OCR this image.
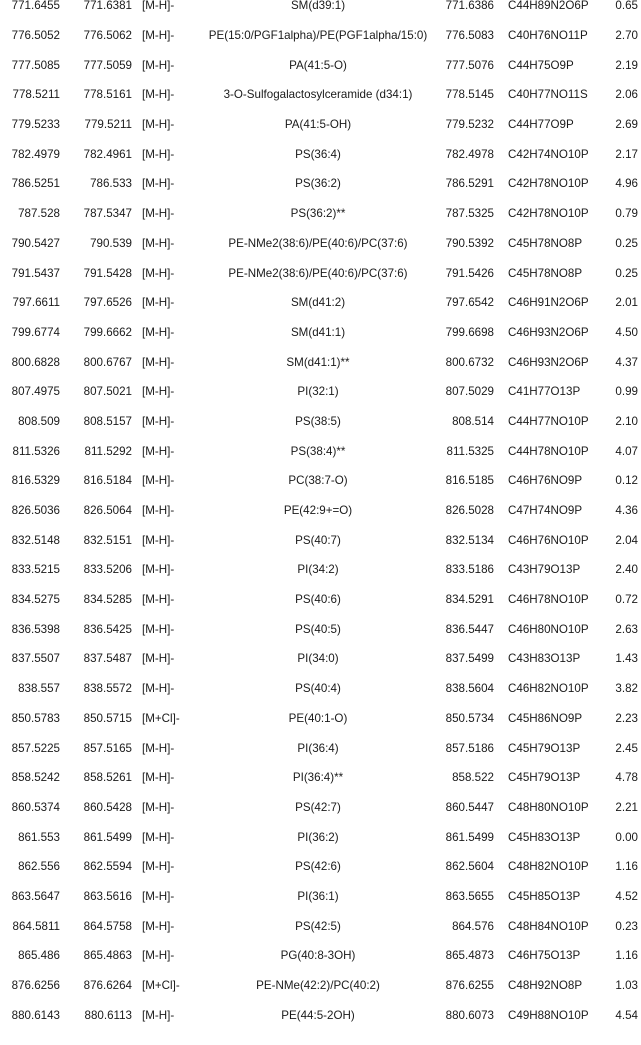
771.6455	771.6381	[M-H]-	SM(d39:1)	771.6386	C44H89N2O6P	0.65
776.5052	776.5062	[M-H]-	PE(15:0/PGF1alpha)/PE(PGF1alpha/15:0)	776.5083	C40H76NO11P	2.70
777.5085	777.5059	[M-H]-	PA(41:5-O)	777.5076	C44H75O9P	2.19
778.5211	778.5161	[M-H]-	3-O-Sulfogalactosylceramide (d34:1)	778.5145	C40H77NO11S	2.06
779.5233	779.5211	[M-H]-	PA(41:5-OH)	779.5232	C44H77O9P	2.69
782.4979	782.4961	[M-H]-	PS(36:4)	782.4978	C42H74NO10P	2.17
786.5251	786.533	[M-H]-	PS(36:2)	786.5291	C42H78NO10P	4.96
787.528	787.5347	[M-H]-	PS(36:2)**	787.5325	C42H78NO10P	0.79
790.5427	790.539	[M-H]-	PE-NMe2(38:6)/PE(40:6)/PC(37:6)	790.5392	C45H78NO8P	0.25
791.5437	791.5428	[M-H]-	PE-NMe2(38:6)/PE(40:6)/PC(37:6)	791.5426	C45H78NO8P	0.25
797.6611	797.6526	[M-H]-	SM(d41:2)	797.6542	C46H91N2O6P	2.01
799.6774	799.6662	[M-H]-	SM(d41:1)	799.6698	C46H93N2O6P	4.50
800.6828	800.6767	[M-H]-	SM(d41:1)**	800.6732	C46H93N2O6P	4.37
807.4975	807.5021	[M-H]-	PI(32:1)	807.5029	C41H77O13P	0.99
808.509	808.5157	[M-H]-	PS(38:5)	808.514	C44H77NO10P	2.10
811.5326	811.5292	[M-H]-	PS(38:4)**	811.5325	C44H78NO10P	4.07
816.5329	816.5184	[M-H]-	PC(38:7-O)	816.5185	C46H76NO9P	0.12
826.5036	826.5064	[M-H]-	PE(42:9+=O)	826.5028	C47H74NO9P	4.36
832.5148	832.5151	[M-H]-	PS(40:7)	832.5134	C46H76NO10P	2.04
833.5215	833.5206	[M-H]-	PI(34:2)	833.5186	C43H79O13P	2.40
834.5275	834.5285	[M-H]-	PS(40:6)	834.5291	C46H78NO10P	0.72
836.5398	836.5425	[M-H]-	PS(40:5)	836.5447	C46H80NO10P	2.63
837.5507	837.5487	[M-H]-	PI(34:0)	837.5499	C43H83O13P	1.43
838.557	838.5572	[M-H]-	PS(40:4)	838.5604	C46H82NO10P	3.82
850.5783	850.5715	[M+Cl]-	PE(40:1-O)	850.5734	C45H86NO9P	2.23
857.5225	857.5165	[M-H]-	PI(36:4)	857.5186	C45H79O13P	2.45
858.5242	858.5261	[M-H]-	PI(36:4)**	858.522	C45H79O13P	4.78
860.5374	860.5428	[M-H]-	PS(42:7)	860.5447	C48H80NO10P	2.21
861.553	861.5499	[M-H]-	PI(36:2)	861.5499	C45H83O13P	0.00
862.556	862.5594	[M-H]-	PS(42:6)	862.5604	C48H82NO10P	1.16
863.5647	863.5616	[M-H]-	PI(36:1)	863.5655	C45H85O13P	4.52
864.5811	864.5758	[M-H]-	PS(42:5)	864.576	C48H84NO10P	0.23
865.486	865.4863	[M-H]-	PG(40:8-3OH)	865.4873	C46H75O13P	1.16
876.6256	876.6264	[M+Cl]-	PE-NMe(42:2)/PC(40:2)	876.6255	C48H92NO8P	1.03
880.6143	880.6113	[M-H]-	PE(44:5-2OH)	880.6073	C49H88NO10P	4.54
